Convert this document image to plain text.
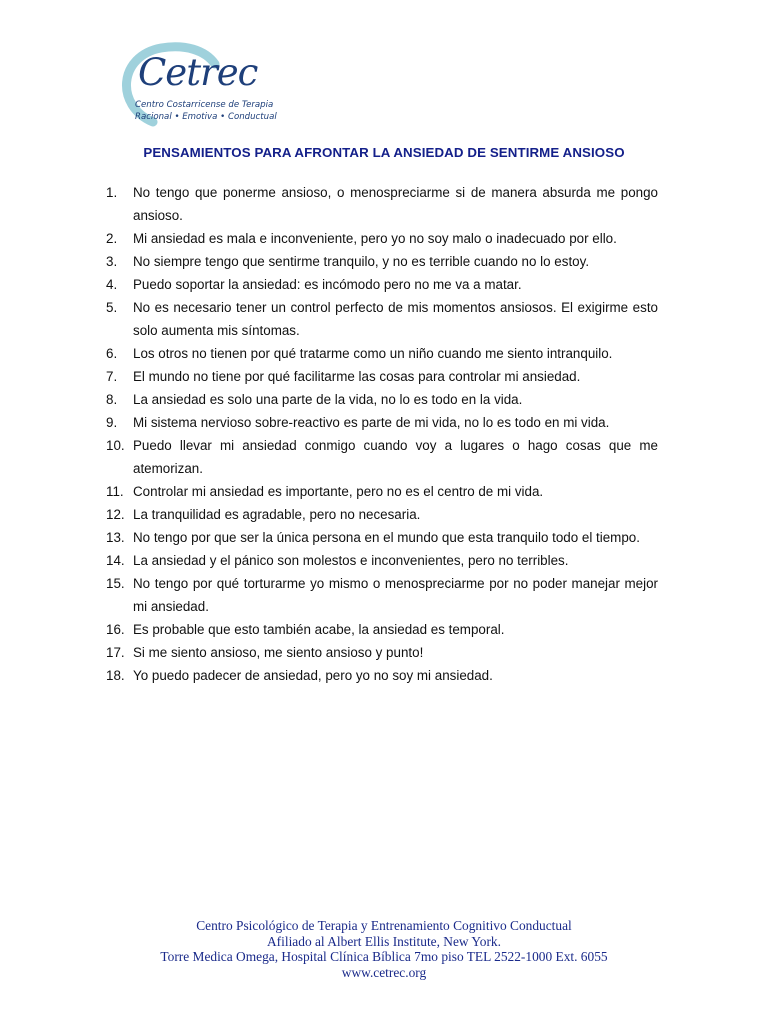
Cetrec
Centro Costarricense de Terapia
Racional • Emotiva • Conductual
PENSAMIENTOS PARA AFRONTAR LA ANSIEDAD DE SENTIRME ANSIOSO
1. No tengo que ponerme ansioso, o menospreciarme si de manera absurda me pongo ansioso.
2. Mi ansiedad es mala e inconveniente, pero yo no soy malo o inadecuado por ello.
3. No siempre tengo que sentirme tranquilo, y no es terrible cuando no lo estoy.
4. Puedo soportar la ansiedad: es incómodo pero no me va a matar.
5. No es necesario tener un control perfecto de mis momentos ansiosos. El exigirme esto solo aumenta mis síntomas.
6. Los otros no tienen por qué tratarme como un niño cuando me siento intranquilo.
7. El mundo no tiene por qué facilitarme las cosas para controlar mi ansiedad.
8. La ansiedad es solo una parte de la vida, no lo es todo en la vida.
9. Mi sistema nervioso sobre-reactivo es parte de mi vida, no lo es todo en mi vida.
10. Puedo llevar mi ansiedad conmigo cuando voy a lugares o hago cosas que me atemorizan.
11. Controlar mi ansiedad es importante, pero no es el centro de mi vida.
12. La tranquilidad es agradable, pero no necesaria.
13. No tengo por que ser la única persona en el mundo que esta tranquilo todo el tiempo.
14. La ansiedad y el pánico son molestos e inconvenientes, pero no terribles.
15. No tengo por qué torturarme yo mismo o menospreciarme por no poder manejar mejor mi ansiedad.
16. Es probable que esto también acabe, la ansiedad es temporal.
17. Si me siento ansioso, me siento ansioso y punto!
18. Yo puedo padecer de ansiedad, pero yo no soy mi ansiedad.
Centro Psicológico de Terapia y Entrenamiento Cognitivo Conductual
Afiliado al Albert Ellis Institute, New York.
Torre Medica Omega, Hospital Clínica Bíblica 7mo piso TEL 2522-1000 Ext. 6055
www.cetrec.org
